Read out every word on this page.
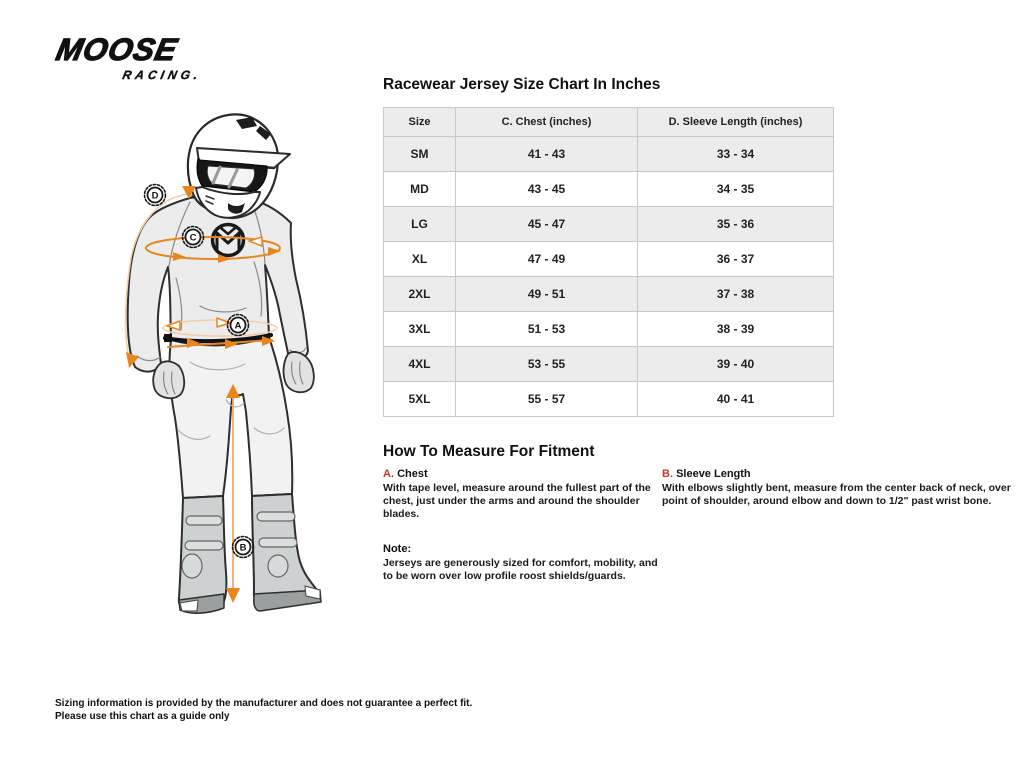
MOOSE
RACING.
D
C
A
B
Racewear Jersey Size Chart In Inches
Size	C. Chest (inches)	D. Sleeve Length (inches)
SM	41 - 43	33 - 34
MD	43 - 45	34 - 35
LG	45 - 47	35 - 36
XL	47 - 49	36 - 37
2XL	49 - 51	37 - 38
3XL	51 - 53	38 - 39
4XL	53 - 55	39 - 40
5XL	55 - 57	40 - 41
How To Measure For Fitment
A. Chest
With tape level, measure around the fullest part of the chest, just under the arms and around the shoulder blades.
B. Sleeve Length
With elbows slightly bent, measure from the center back of neck, over point of shoulder, around elbow and down to 1/2" past wrist bone.
Note:
Jerseys are generously sized for comfort, mobility, and to be worn over low profile roost shields/guards.
Sizing information is provided by the manufacturer and does not guarantee a perfect fit.
Please use this chart as a guide only
